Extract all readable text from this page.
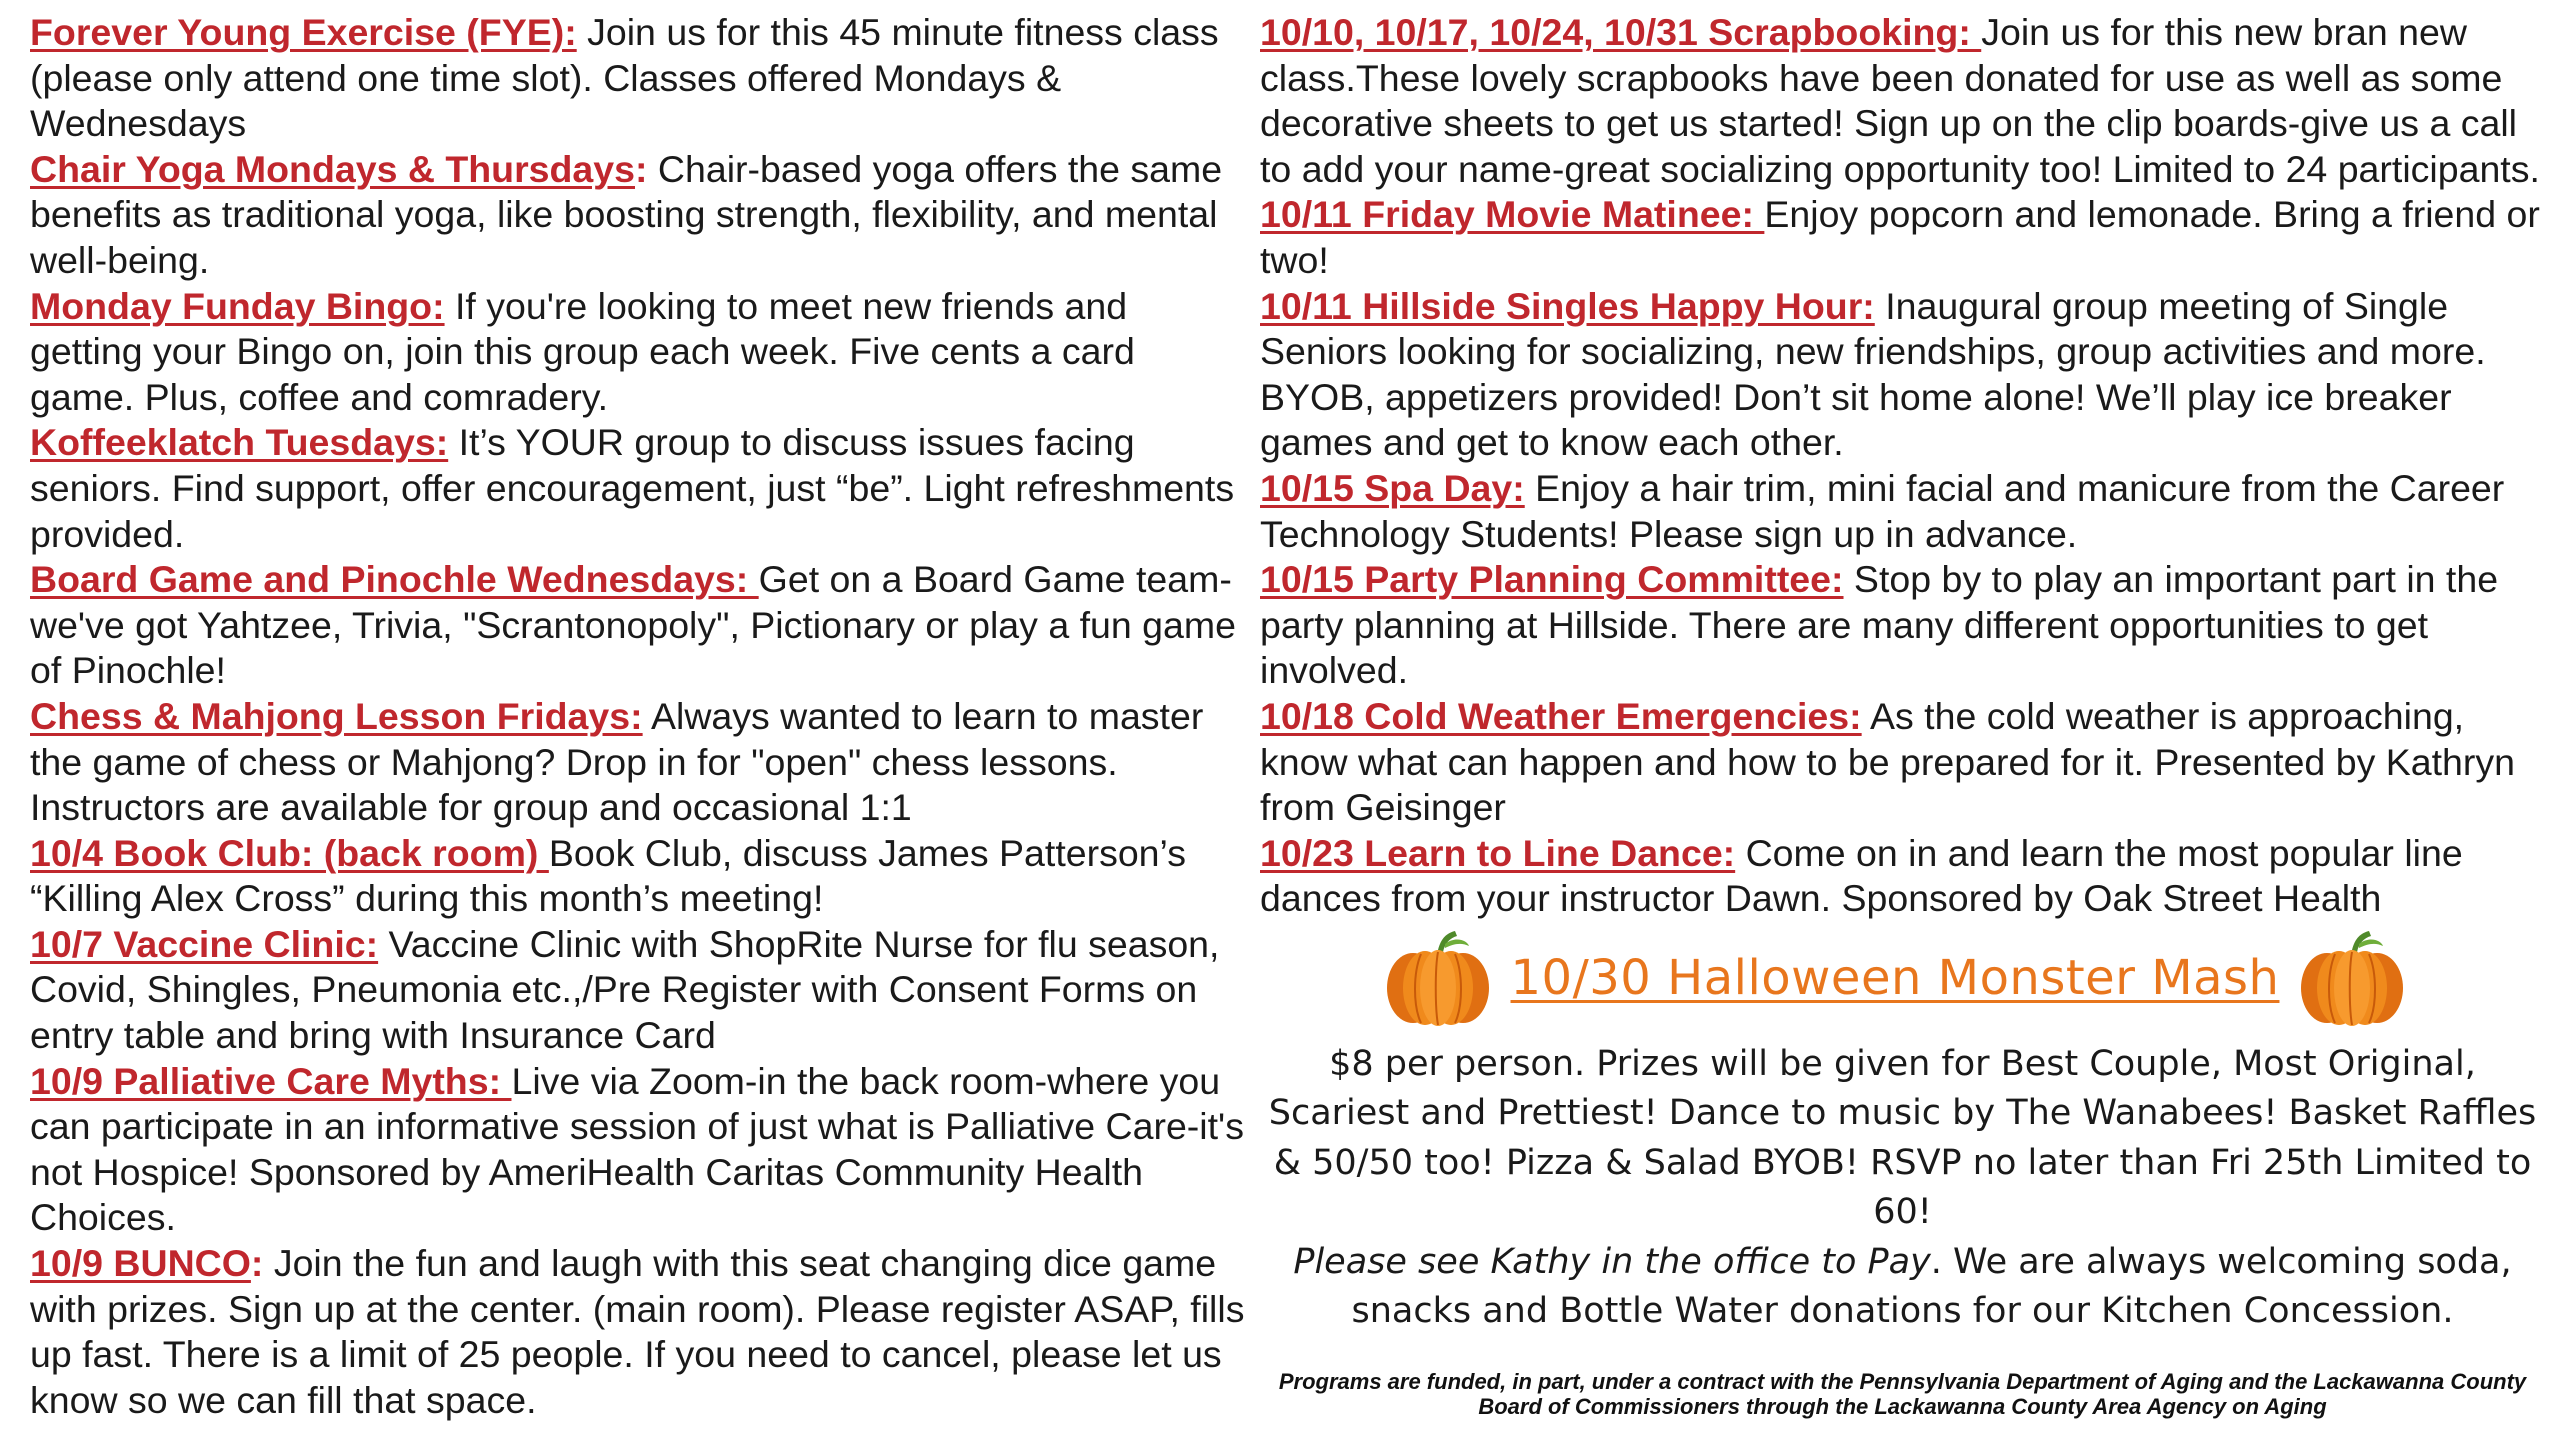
Forever Young Exercise (FYE): Join us for this 45 minute fitness class (please only attend one time slot). Classes offered Mondays & Wednesdays

Chair Yoga Mondays & Thursdays: Chair-based yoga offers the same benefits as traditional yoga, like boosting strength, flexibility, and mental well-being.

Monday Funday Bingo: If you're looking to meet new friends and getting your Bingo on, join this group each week. Five cents a card game. Plus, coffee and comradery.

Koffeeklatch Tuesdays: It’s YOUR group to discuss issues facing seniors. Find support, offer encouragement, just “be”. Light refreshments provided.

Board Game and Pinochle Wednesdays: Get on a Board Game team-we've got Yahtzee, Trivia, "Scrantonopoly", Pictionary or play a fun game of Pinochle!

Chess & Mahjong Lesson Fridays: Always wanted to learn to master the game of chess or Mahjong? Drop in for "open" chess lessons. Instructors are available for group and occasional 1:1

10/4 Book Club: (back room) Book Club, discuss James Patterson’s “Killing Alex Cross” during this month’s meeting!

10/7 Vaccine Clinic: Vaccine Clinic with ShopRite Nurse for flu season, Covid, Shingles, Pneumonia etc.,/Pre Register with Consent Forms on entry table and bring with Insurance Card

10/9 Palliative Care Myths: Live via Zoom-in the back room-where you can participate in an informative session of just what is Palliative Care-it's not Hospice! Sponsored by AmeriHealth Caritas Community Health Choices.

10/9 BUNCO: Join the fun and laugh with this seat changing dice game with prizes. Sign up at the center. (main room). Please register ASAP, fills up fast. There is a limit of 25 people. If you need to cancel, please let us know so we can fill that space.

10/10, 10/17, 10/24, 10/31 Scrapbooking: Join us for this new bran new class.These lovely scrapbooks have been donated for use as well as some decorative sheets to get us started! Sign up on the clip boards-give us a call to add your name-great socializing opportunity too! Limited to 24 participants.

10/11 Friday Movie Matinee: Enjoy popcorn and lemonade. Bring a friend or two!

10/11 Hillside Singles Happy Hour: Inaugural group meeting of Single Seniors looking for socializing, new friendships, group activities and more. BYOB, appetizers provided! Don’t sit home alone! We’ll play ice breaker games and get to know each other.

10/15 Spa Day: Enjoy a hair trim, mini facial and manicure from the Career Technology Students! Please sign up in advance.

10/15 Party Planning Committee: Stop by to play an important part in the party planning at Hillside. There are many different opportunities to get involved.

10/18 Cold Weather Emergencies: As the cold weather is approaching, know what can happen and how to be prepared for it. Presented by Kathryn from Geisinger

10/23 Learn to Line Dance: Come on in and learn the most popular line dances from your instructor Dawn. Sponsored by Oak Street Health

10/30 Halloween Monster Mash
$8 per person. Prizes will be given for Best Couple, Most Original, Scariest and Prettiest! Dance to music by The Wanabees! Basket Raffles & 50/50 too! Pizza & Salad BYOB! RSVP no later than Fri 25th Limited to 60!
Please see Kathy in the office to Pay. We are always welcoming soda, snacks and Bottle Water donations for our Kitchen Concession.
Programs are funded, in part, under a contract with the Pennsylvania Department of Aging and the Lackawanna County Board of Commissioners through the Lackawanna County Area Agency on Aging
